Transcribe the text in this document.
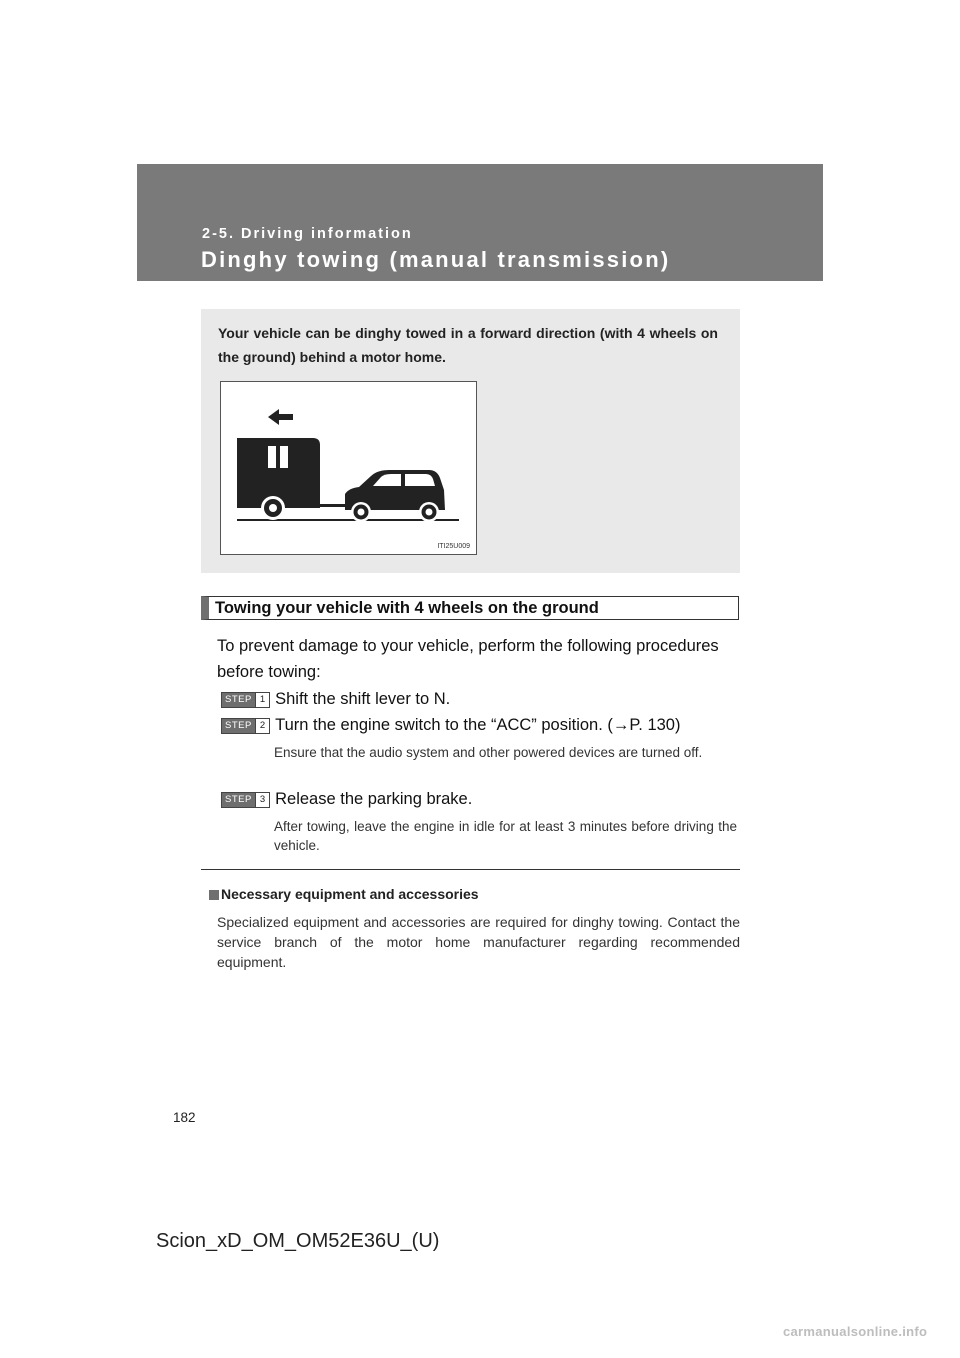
2-5. Driving information
Dinghy towing (manual transmission)
Your vehicle can be dinghy towed in a forward direction (with 4 wheels on the ground) behind a motor home.
ITI25U009
Towing your vehicle with 4 wheels on the ground
To prevent damage to your vehicle, perform the following procedures before towing:
STEP 1 Shift the shift lever to N.
STEP 2 Turn the engine switch to the “ACC” position. (→P. 130)
Ensure that the audio system and other powered devices are turned off.
STEP 3 Release the parking brake.
After towing, leave the engine in idle for at least 3 minutes before driving the vehicle.
Necessary equipment and accessories
Specialized equipment and accessories are required for dinghy towing. Contact the service branch of the motor home manufacturer regarding recommended equipment.
182
Scion_xD_OM_OM52E36U_(U)
carmanualsonline.info
